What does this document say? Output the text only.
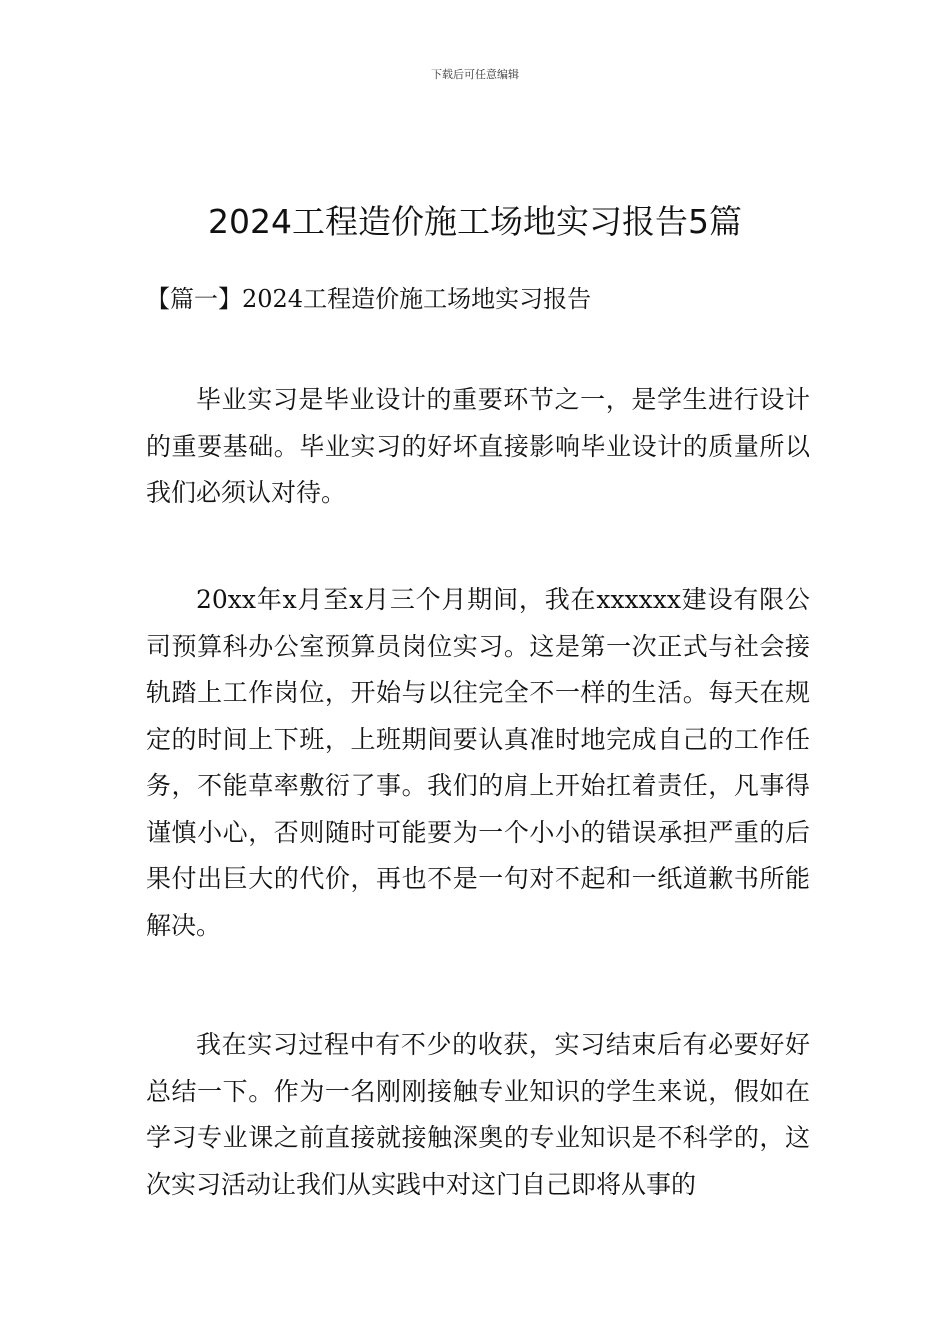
下载后可任意编辑
2024工程造价施工场地实习报告5篇
【篇一】2024工程造价施工场地实习报告

毕业实习是毕业设计的重要环节之一，是学生进行设计的重要基础。毕业实习的好坏直接影响毕业设计的质量所以我们必须认对待。

20xx年x月至x月三个月期间，我在xxxxxx建设有限公司预算科办公室预算员岗位实习。这是第一次正式与社会接轨踏上工作岗位，开始与以往完全不一样的生活。每天在规定的时间上下班，上班期间要认真准时地完成自己的工作任务，不能草率敷衍了事。我们的肩上开始扛着责任，凡事得谨慎小心，否则随时可能要为一个小小的错误承担严重的后果付出巨大的代价，再也不是一句对不起和一纸道歉书所能解决。

我在实习过程中有不少的收获，实习结束后有必要好好总结一下。作为一名刚刚接触专业知识的学生来说，假如在学习专业课之前直接就接触深奥的专业知识是不科学的，这次实习活动让我们从实践中对这门自己即将从事的
